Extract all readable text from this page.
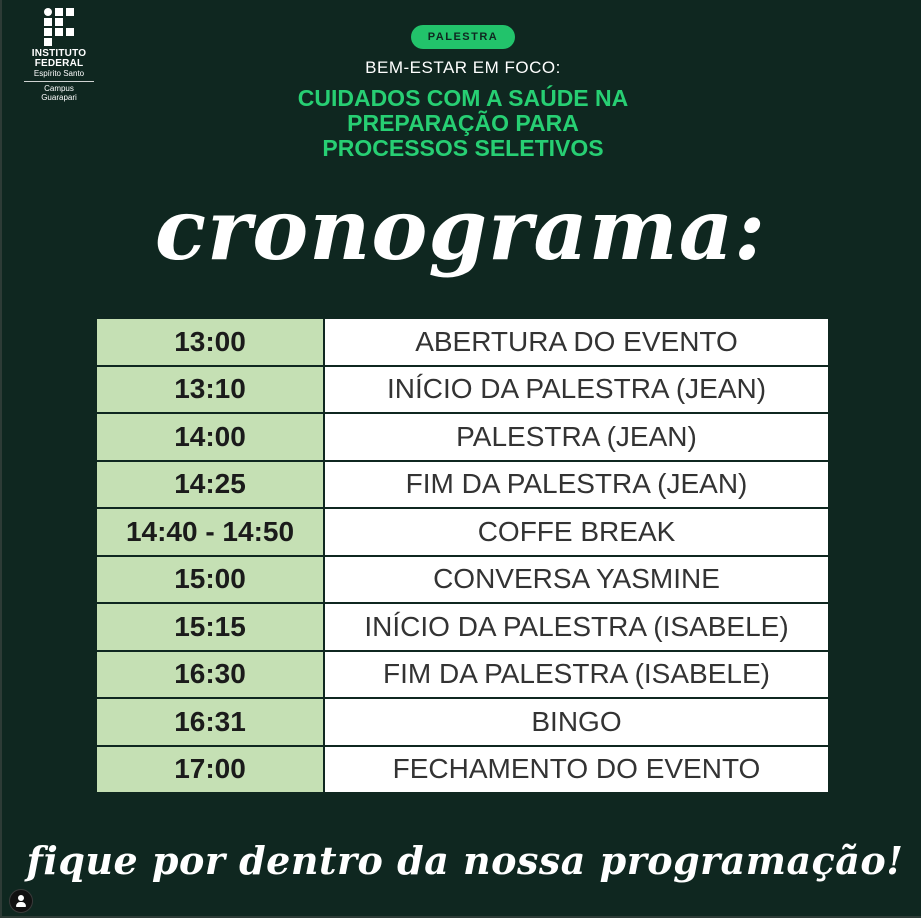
INSTITUTO
FEDERAL
Espírito Santo
Campus
Guarapari
PALESTRA
BEM-ESTAR EM FOCO:
CUIDADOS COM A SAÚDE NA
PREPARAÇÃO PARA
PROCESSOS SELETIVOS
cronograma:
13:00	ABERTURA DO EVENTO
13:10	INÍCIO DA PALESTRA (JEAN)
14:00	PALESTRA (JEAN)
14:25	FIM DA PALESTRA (JEAN)
14:40 - 14:50	COFFE BREAK
15:00	CONVERSA YASMINE
15:15	INÍCIO DA PALESTRA (ISABELE)
16:30	FIM DA PALESTRA (ISABELE)
16:31	BINGO
17:00	FECHAMENTO DO EVENTO
fique por dentro da nossa programação!
